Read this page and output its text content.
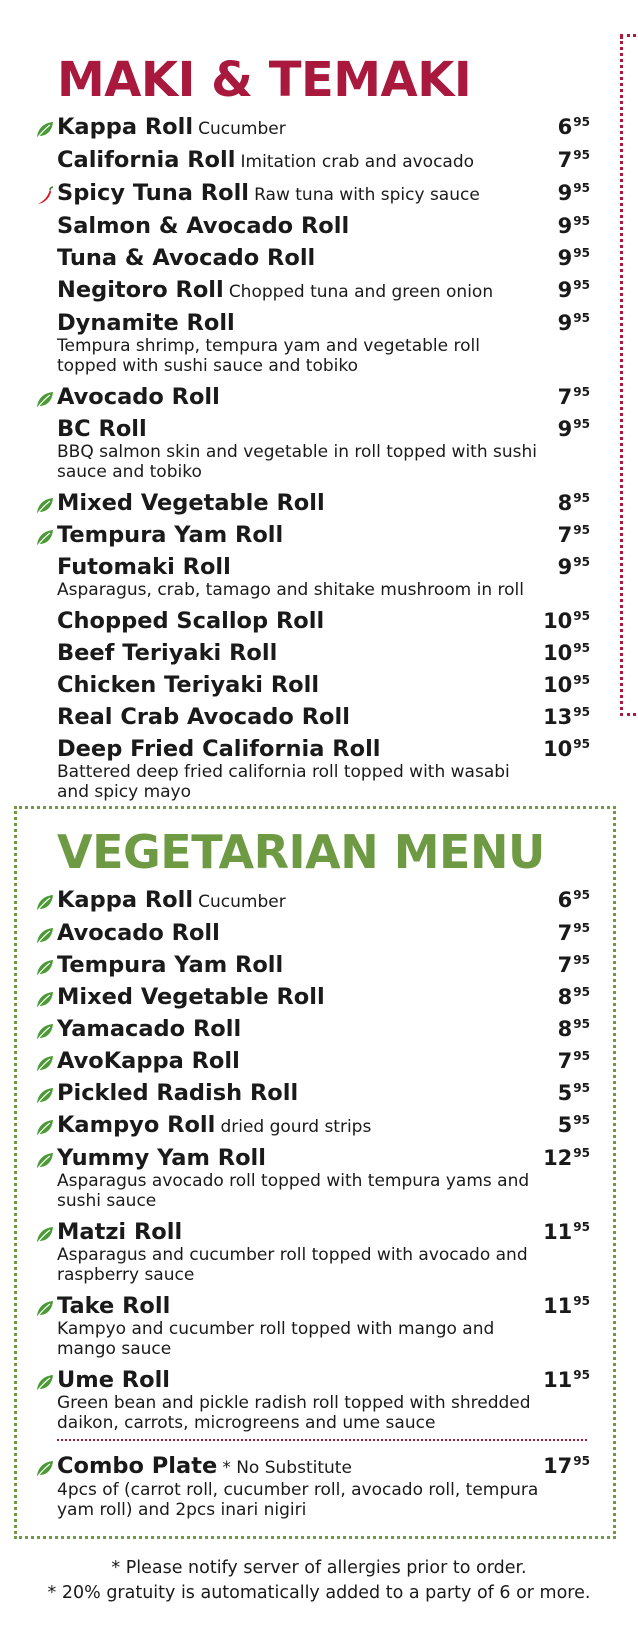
MAKI & TEMAKI
Kappa Roll Cucumber	$6^{95}$
California Roll Imitation crab and avocado	$7^{95}$
Spicy Tuna Roll Raw tuna with spicy sauce	$9^{95}$
Salmon & Avocado Roll	$9^{95}$
Tuna & Avocado Roll	$9^{95}$
Negitoro Roll Chopped tuna and green onion	$9^{95}$
Dynamite Roll	$9^{95}$
Tempura shrimp, tempura yam and vegetable roll topped with sushi sauce and tobiko
Avocado Roll	$7^{95}$
BC Roll	$9^{95}$
BBQ salmon skin and vegetable in roll topped with sushi sauce and tobiko
Mixed Vegetable Roll	$8^{95}$
Tempura Yam Roll	$7^{95}$
Futomaki Roll	$9^{95}$
Asparagus, crab, tamago and shitake mushroom in roll
Chopped Scallop Roll	$10^{95}$
Beef Teriyaki Roll	$10^{95}$
Chicken Teriyaki Roll	$10^{95}$
Real Crab Avocado Roll	$13^{95}$
Deep Fried California Roll	$10^{95}$
Battered deep fried california roll topped with wasabi and spicy mayo
VEGETARIAN MENU
Kappa Roll Cucumber	$6^{95}$
Avocado Roll	$7^{95}$
Tempura Yam Roll	$7^{95}$
Mixed Vegetable Roll	$8^{95}$
Yamacado Roll	$8^{95}$
AvoKappa Roll	$7^{95}$
Pickled Radish Roll	$5^{95}$
Kampyo Roll dried gourd strips	$5^{95}$
Yummy Yam Roll	$12^{95}$
Asparagus avocado roll topped with tempura yams and sushi sauce
Matzi Roll	$11^{95}$
Asparagus and cucumber roll topped with avocado and raspberry sauce
Take Roll	$11^{95}$
Kampyo and cucumber roll topped with mango and mango sauce
Ume Roll	$11^{95}$
Green bean and pickle radish roll topped with shredded daikon, carrots, microgreens and ume sauce
Combo Plate * No Substitute	$17^{95}$
4pcs of (carrot roll, cucumber roll, avocado roll, tempura yam roll) and 2pcs inari nigiri
* Please notify server of allergies prior to order.
* 20% gratuity is automatically added to a party of 6 or more.
